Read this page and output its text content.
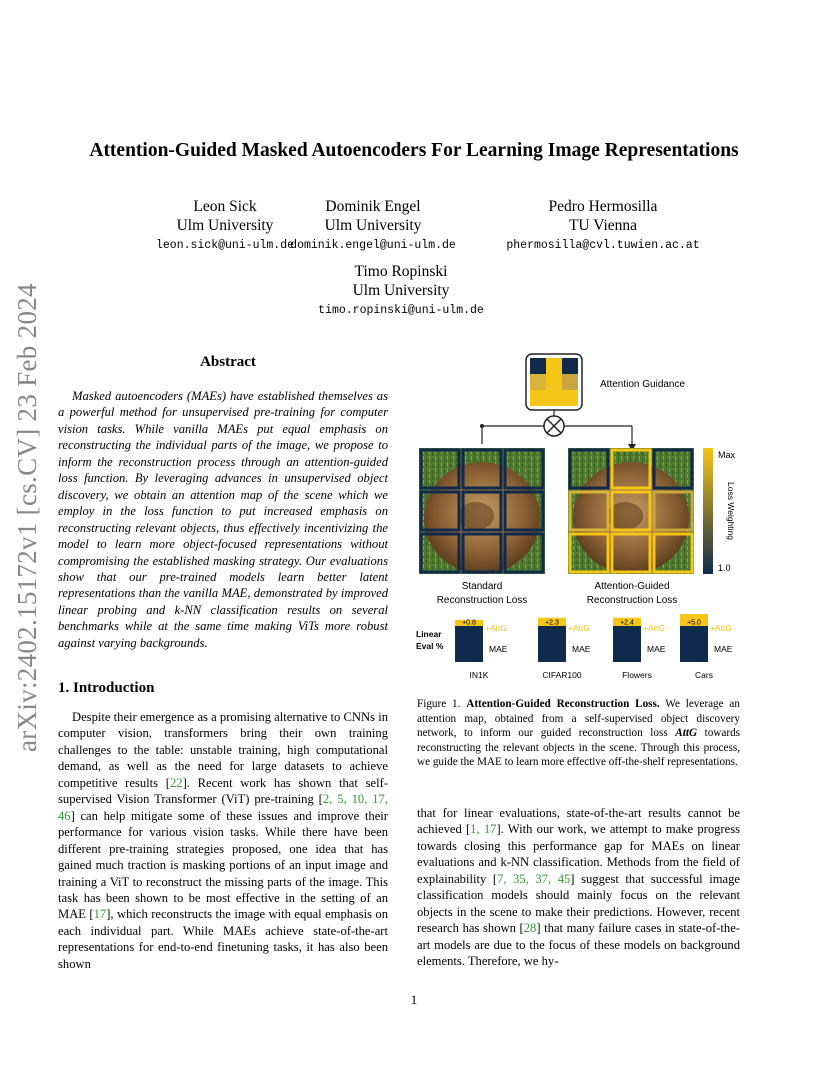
arXiv:2402.15172v1 [cs.CV] 23 Feb 2024
Attention-Guided Masked Autoencoders For Learning Image Representations
Leon Sick
Ulm University
leon.sick@uni-ulm.de
Dominik Engel
Ulm University
dominik.engel@uni-ulm.de
Pedro Hermosilla
TU Vienna
phermosilla@cvl.tuwien.ac.at
Timo Ropinski
Ulm University
timo.ropinski@uni-ulm.de
Abstract
Masked autoencoders (MAEs) have established themselves as a powerful method for unsupervised pre-training for computer vision tasks. While vanilla MAEs put equal emphasis on reconstructing the individual parts of the image, we propose to inform the reconstruction process through an attention-guided loss function. By leveraging advances in unsupervised object discovery, we obtain an attention map of the scene which we employ in the loss function to put increased emphasis on reconstructing relevant objects, thus effectively incentivizing the model to learn more object-focused representations without compromising the established masking strategy. Our evaluations show that our pre-trained models learn better latent representations than the vanilla MAE, demonstrated by improved linear probing and k-NN classification results on several benchmarks while at the same time making ViTs more robust against varying backgrounds.
1. Introduction
Despite their emergence as a promising alternative to CNNs in computer vision, transformers bring their own training challenges to the table: unstable training, high computational demand, as well as the need for large datasets to achieve competitive results [22]. Recent work has shown that self-supervised Vision Transformer (ViT) pre-training [2, 5, 10, 17, 46] can help mitigate some of these issues and improve their performance for various vision tasks. While there have been different pre-training strategies proposed, one idea that has gained much traction is masking portions of an input image and training a ViT to reconstruct the missing parts of the image. This task has been shown to be most effective in the setting of an MAE [17], which reconstructs the image with equal emphasis on each individual part. While MAEs achieve state-of-the-art representations for end-to-end finetuning tasks, it has also been shown
that for linear evaluations, state-of-the-art results cannot be achieved [1, 17]. With our work, we attempt to make progress towards closing this performance gap for MAEs on linear evaluations and k-NN classification. Methods from the field of explainability [7, 35, 37, 45] suggest that successful image classification models should mainly focus on the relevant objects in the scene to make their predictions. However, recent research has shown [28] that many failure cases in state-of-the-art models are due to the focus of these models on background elements. Therefore, we hy-
Attention Guidance
Max
1.0
Loss Weighting
Standard
Reconstruction Loss
Attention-Guided
Reconstruction Loss
Linear
Eval %
+0.8 +AttG
MAE
IN1K
+2.3 +AttG
MAE
CIFAR100
+2.4 +AttG
MAE
Flowers
+5.0 +AttG
MAE
Cars
Figure 1. Attention-Guided Reconstruction Loss. We leverage an attention map, obtained from a self-supervised object discovery network, to inform our guided reconstruction loss AttG towards reconstructing the relevant objects in the scene. Through this process, we guide the MAE to learn more effective off-the-shelf representations.
1
